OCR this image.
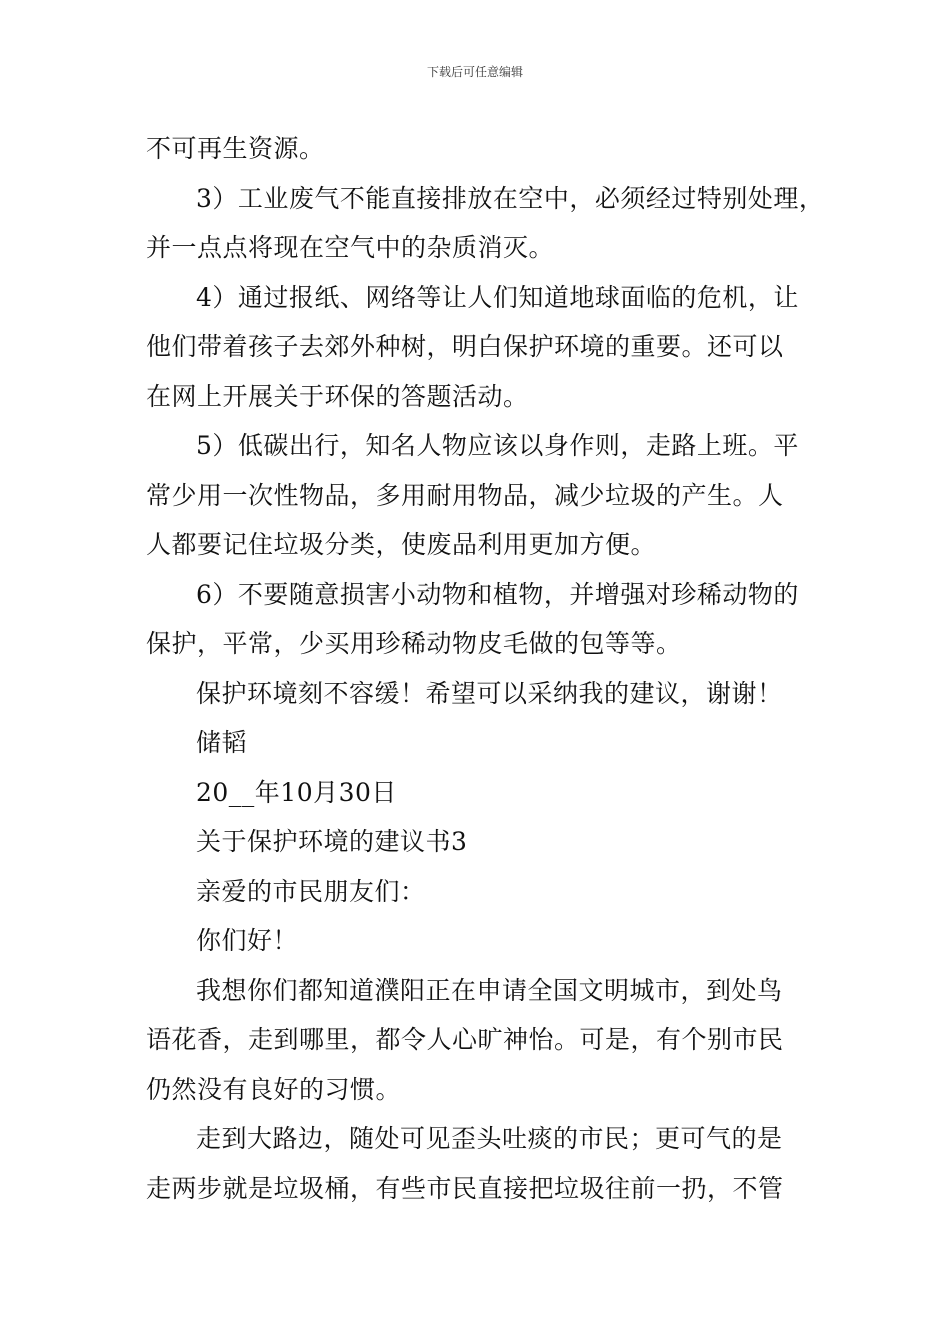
下载后可任意编辑
不可再生资源。
3）工业废气不能直接排放在空中，必须经过特别处理，
并一点点将现在空气中的杂质消灭。
4）通过报纸、网络等让人们知道地球面临的危机，让
他们带着孩子去郊外种树，明白保护环境的重要。还可以
在网上开展关于环保的答题活动。
5）低碳出行，知名人物应该以身作则，走路上班。平
常少用一次性物品，多用耐用物品，减少垃圾的产生。人
人都要记住垃圾分类，使废品利用更加方便。
6）不要随意损害小动物和植物，并增强对珍稀动物的
保护，平常，少买用珍稀动物皮毛做的包等等。
保护环境刻不容缓！希望可以采纳我的建议，谢谢！
储韬
20__年10月30日
关于保护环境的建议书3
亲爱的市民朋友们：
你们好！
我想你们都知道濮阳正在申请全国文明城市，到处鸟
语花香，走到哪里，都令人心旷神怡。可是，有个别市民
仍然没有良好的习惯。
走到大路边，随处可见歪头吐痰的市民；更可气的是
走两步就是垃圾桶，有些市民直接把垃圾往前一扔，不管
